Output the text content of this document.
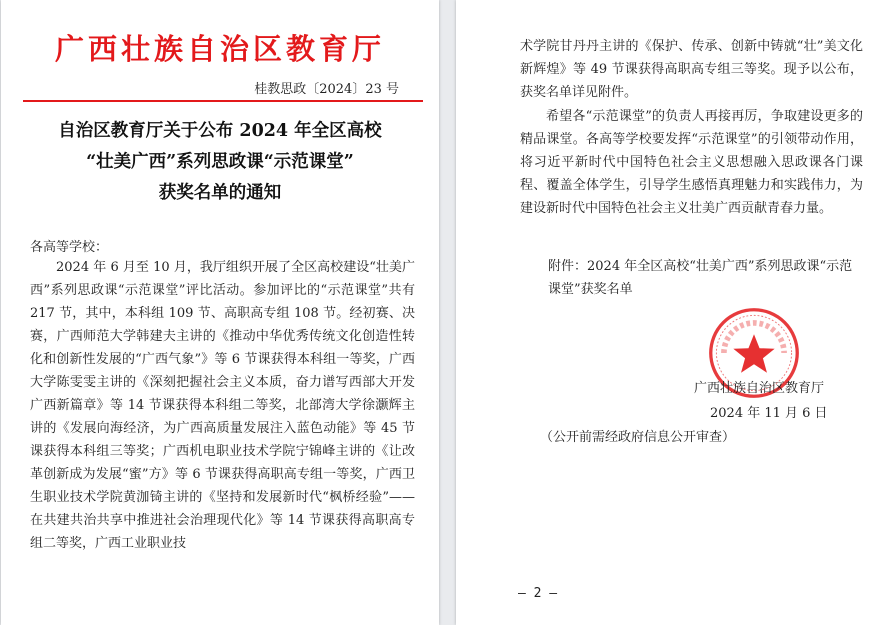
广西壮族自治区教育厅
桂教思政〔2024〕23 号
自治区教育厅关于公布 2024 年全区高校
“壮美广西”系列思政课“示范课堂”
获奖名单的通知
各高等学校：
2024 年 6 月至 10 月，我厅组织开展了全区高校建设“壮美广西”系列思政课“示范课堂”评比活动。参加评比的“示范课堂”共有 217 节，其中，本科组 109 节、高职高专组 108 节。经初赛、决赛，广西师范大学韩建夫主讲的《推动中华优秀传统文化创造性转化和创新性发展的“广西气象”》等 6 节课获得本科组一等奖，广西大学陈雯雯主讲的《深刻把握社会主义本质，奋力谱写西部大开发广西新篇章》等 14 节课获得本科组二等奖，北部湾大学徐灏辉主讲的《发展向海经济，为广西高质量发展注入蓝色动能》等 45 节课获得本科组三等奖；广西机电职业技术学院宁锦峰主讲的《让改革创新成为发展“蜜”方》等 6 节课获得高职高专组一等奖，广西卫生职业技术学院黄泇锜主讲的《坚持和发展新时代“枫桥经验”——在共建共治共享中推进社会治理现代化》等 14 节课获得高职高专组二等奖，广西工业职业技
术学院甘丹丹主讲的《保护、传承、创新中铸就“壮”美文化新辉煌》等 49 节课获得高职高专组三等奖。现予以公布，获奖名单详见附件。
希望各“示范课堂”的负责人再接再厉，争取建设更多的精品课堂。各高等学校要发挥“示范课堂”的引领带动作用，将习近平新时代中国特色社会主义思想融入思政课各门课程、覆盖全体学生，引导学生感悟真理魅力和实践伟力，为建设新时代中国特色社会主义壮美广西贡献青春力量。
附件：2024 年全区高校“壮美广西”系列思政课“示范课堂”获奖名单
广西壮族自治区教育厅
2024 年 11 月 6 日
（公开前需经政府信息公开审查）
— 2 —
